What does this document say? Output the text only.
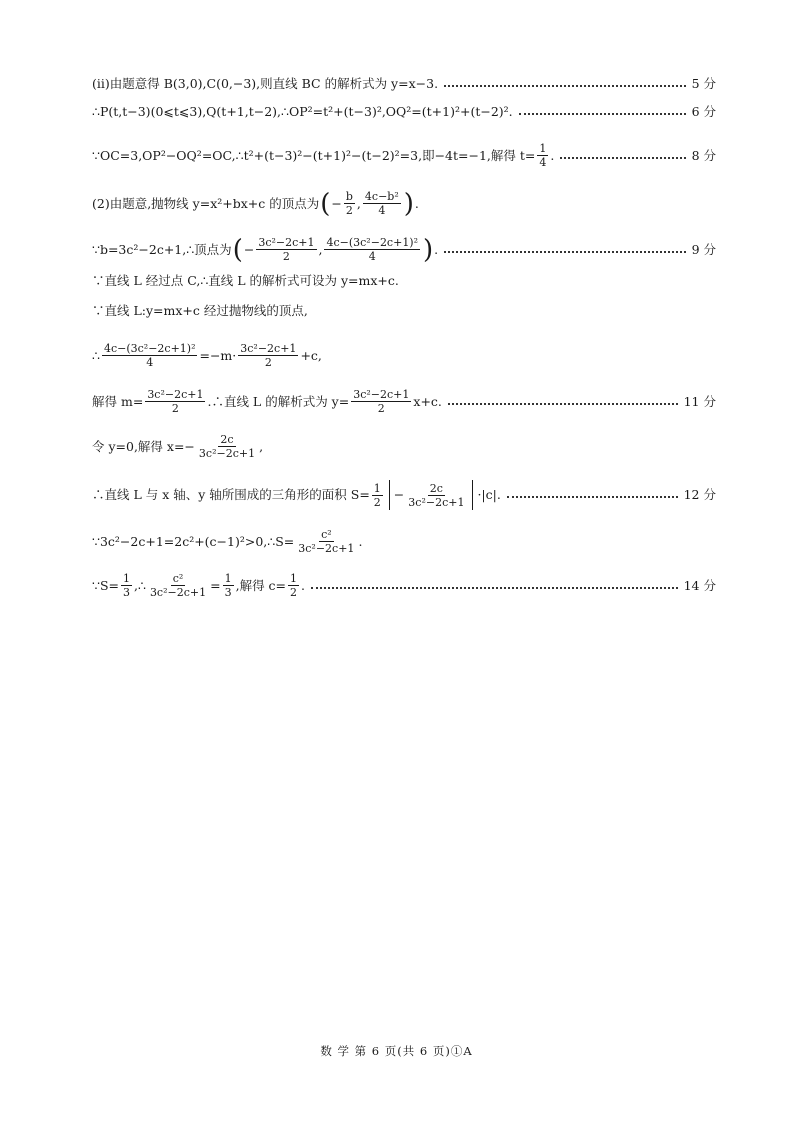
(ⅱ)由题意得 B(3,0),C(0,−3),则直线 BC 的解析式为 y=x−3.	5 分
∴P(t,t−3)(0⩽t⩽3),Q(t+1,t−2),∴OP²=t²+(t−3)²,OQ²=(t+1)²+(t−2)².	6 分
∵OC=3,OP²−OQ²=OC,∴t²+(t−3)²−(t+1)²−(t−2)²=3,即−4t=−1,解得 $t= \frac{1}{4}$ .	8 分
(2)由题意,抛物线 y=x²+bx+c 的顶点为 ( − $\frac{b}{2}$ , $\frac{\text{4c−b²}}{4}$ ) .
∵b=3c²−2c+1,∴顶点为 ( − $\frac{\text{3c²−2c+1}}{2}$ , $\frac{\text{4c−(3c²−2c+1)²}}{4}$ ) .	9 分
∵直线 L 经过点 C,∴直线 L 的解析式可设为 y=mx+c.
∵直线 L:y=mx+c 经过抛物线的顶点,
∴ $\frac{\text{4c−(3c²−2c+1)²}}{4} =-m\cdot \frac{\text{3c²−2c+1}}{2} +c$,
解得 $m= \frac{\text{3c²−2c+1}}{2}$ .∴直线 L 的解析式为 $y= \frac{\text{3c²−2c+1}}{2} x+c$.	11 分
令 y=0,解得 $x=- \frac{2c}{\text{3c²−2c+1}}$ ,
∴直线 L 与 x 轴、y 轴所围成的三角形的面积 $S= \frac{1}{2} - \frac{2c}{\text{3c²−2c+1}} \cdot|c|$.	12 分
∵3c²−2c+1=2c²+(c−1)²>0,∴S= $\frac{\text{c²}}{\text{3c²−2c+1}}$ .
∵S= $\frac{1}{3}$ ,∴ $\frac{\text{c²}}{\text{3c²−2c+1}} = \frac{1}{3}$ ,解得 $c= \frac{1}{2}$ .	14 分
数 学 第 6 页(共 6 页)①A
